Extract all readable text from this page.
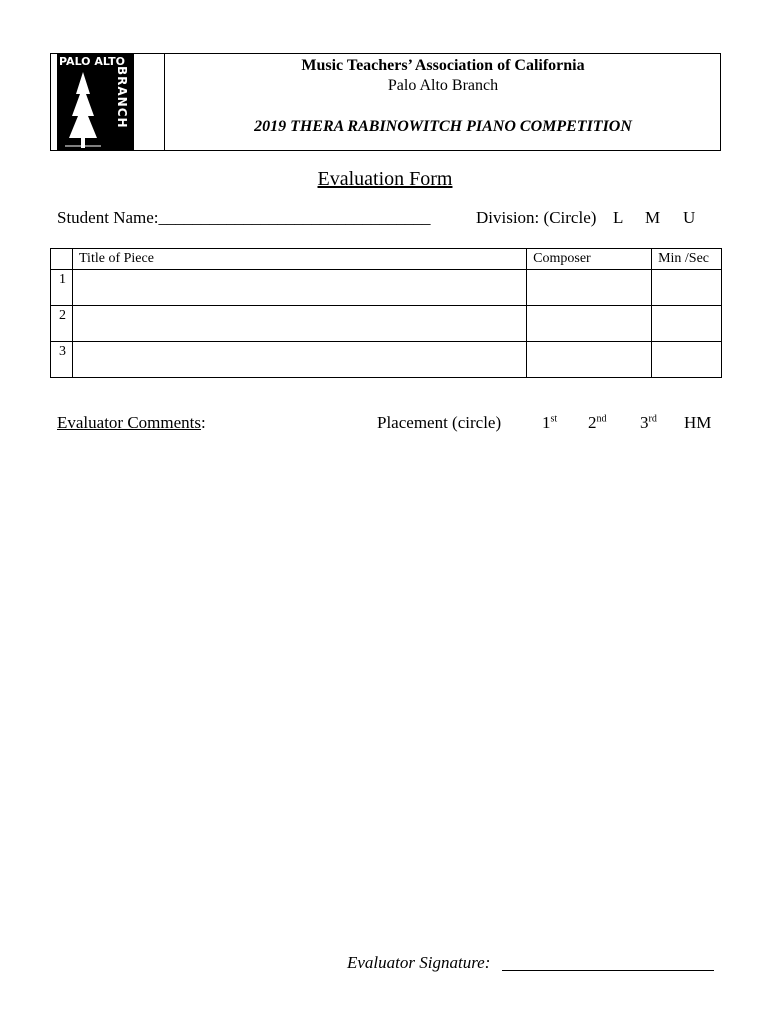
PALO ALTO
BRANCH
Music Teachers’ Association of California
Palo Alto Branch
2019 THERA RABINOWITCH PIANO COMPETITION
Evaluation Form
Student Name:________________________________	Division: (Circle) L M U
	Title of Piece	Composer	Min /Sec
1			
2			
3			
Evaluator Comments:	Placement (circle) 1st 2nd 3rd HM
Evaluator Signature:
